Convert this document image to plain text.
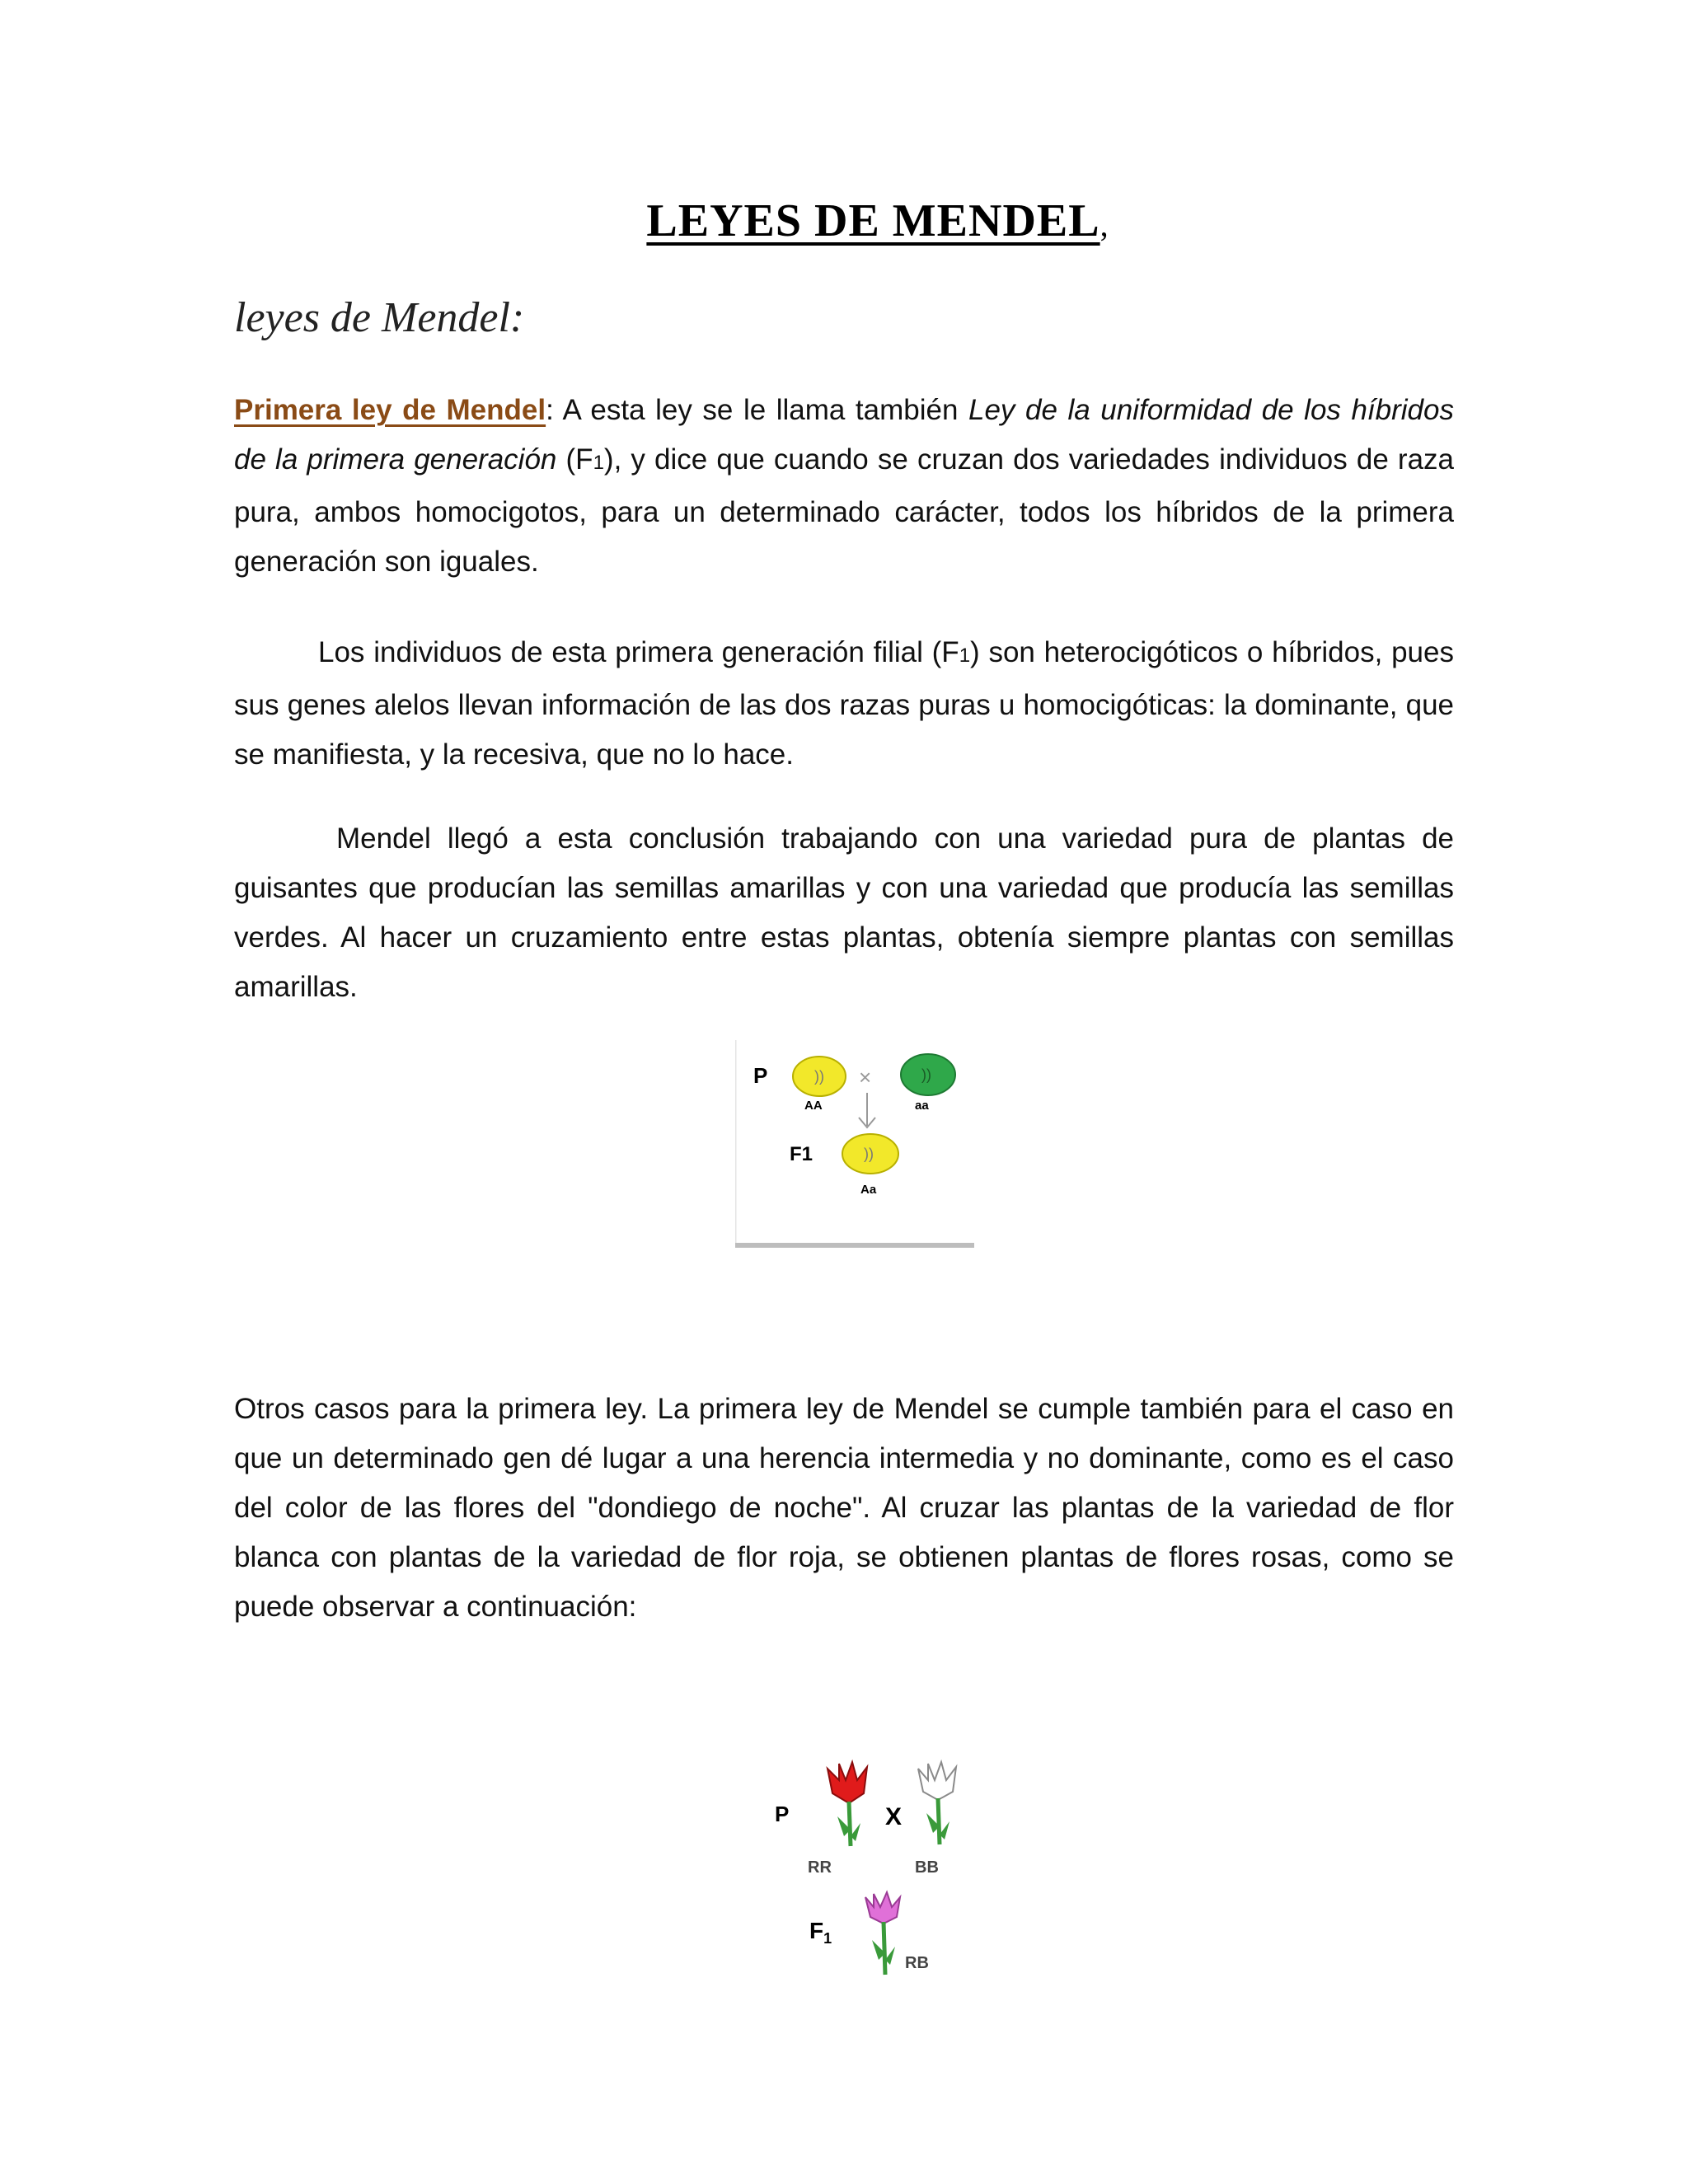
LEYES DE MENDEL,
leyes de Mendel:
Primera ley de Mendel: A esta ley se le llama también Ley de la uniformidad de los híbridos de la primera generación (F1), y dice que cuando se cruzan dos variedades individuos de raza pura, ambos homocigotos, para un determinado carácter, todos los híbridos de la primera generación son iguales.
Los individuos de esta primera generación filial (F1) son heterocigóticos o híbridos, pues sus genes alelos llevan información de las dos razas puras u homocigóticas: la dominante, que se manifiesta, y la recesiva, que no lo hace.
Mendel llegó a esta conclusión trabajando con una variedad pura de plantas de guisantes que producían las semillas amarillas y con una variedad que producía las semillas verdes. Al hacer un cruzamiento entre estas plantas, obtenía siempre plantas con semillas amarillas.
P	)) ×	))
AA	aa
F1	))
Aa
Otros casos para la primera ley. La primera ley de Mendel se cumple también para el caso en que un determinado gen dé lugar a una herencia intermedia y no dominante, como es el caso del color de las flores del "dondiego de noche". Al cruzar las plantas de la variedad de flor blanca con plantas de la variedad de flor roja, se obtienen plantas de flores rosas, como se puede observar a continuación:
P
RR
X
BB
$F_1$
RB
